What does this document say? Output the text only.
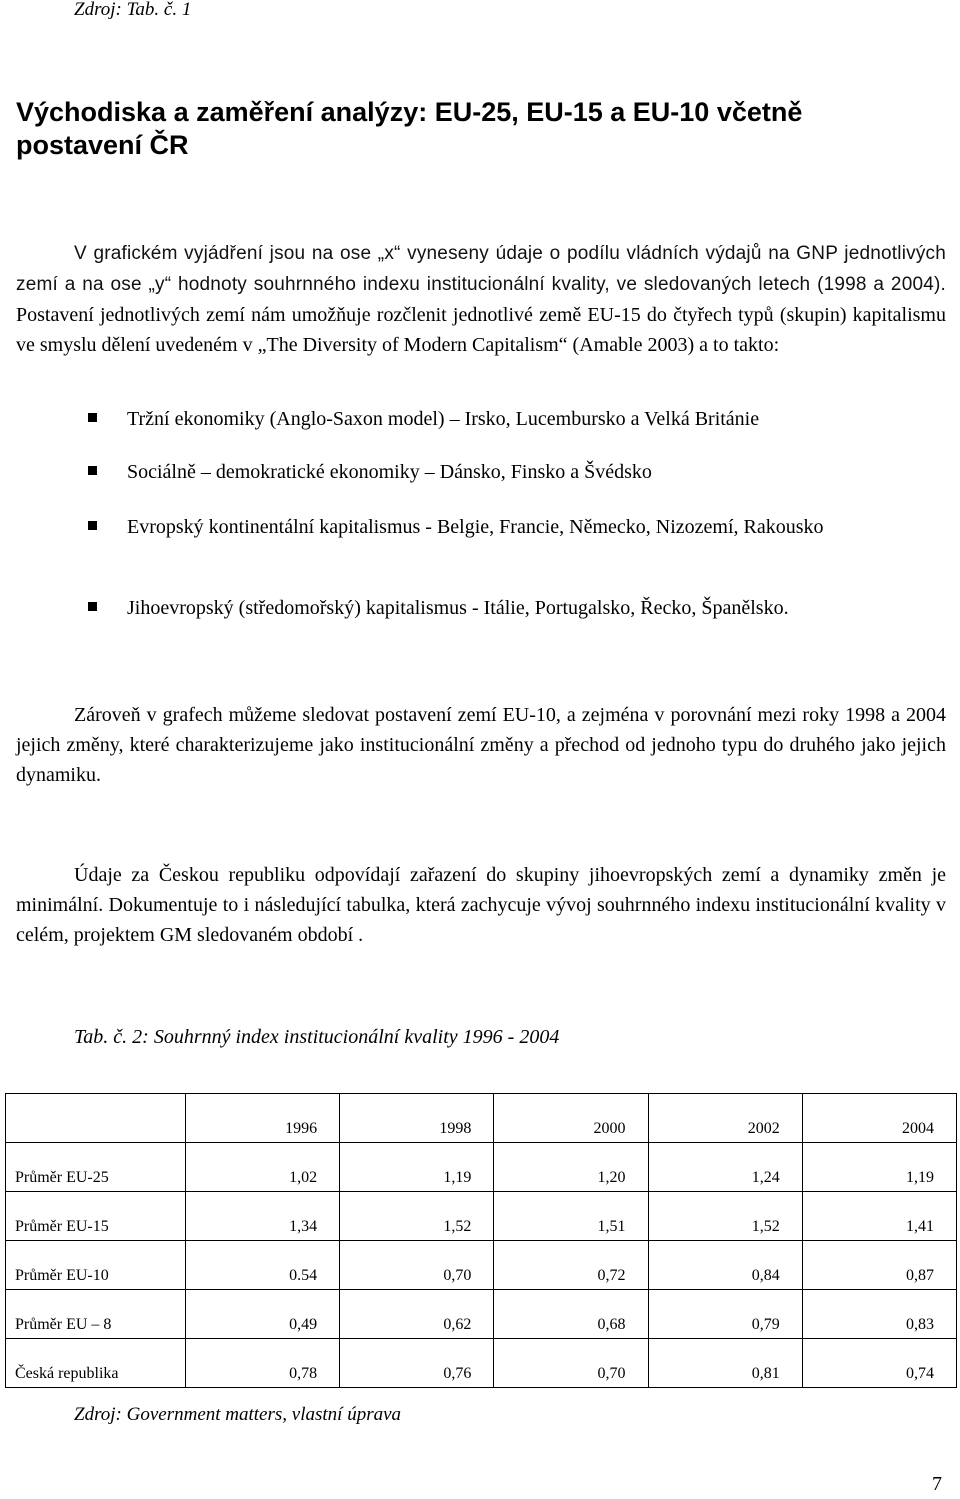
Zdroj: Tab. č. 1
Východiska a zaměření analýzy: EU-25, EU-15 a EU-10 včetně
postavení ČR
V grafickém vyjádření jsou na ose „x“ vyneseny údaje o podílu vládních výdajů na GNP jednotlivých zemí a na ose „y“ hodnoty souhrnného indexu institucionální kvality, ve sledovaných letech (1998 a 2004). Postavení jednotlivých zemí nám umožňuje rozčlenit jednotlivé země EU-15 do čtyřech typů (skupin) kapitalismu ve smyslu dělení uvedeném v „The Diversity of Modern Capitalism“ (Amable 2003) a to takto:
Tržní ekonomiky (Anglo-Saxon model) – Irsko, Lucembursko a Velká Británie
Sociálně – demokratické ekonomiky – Dánsko, Finsko a Švédsko
Evropský kontinentální kapitalismus - Belgie, Francie, Německo, Nizozemí, Rakousko
Jihoevropský (středomořský) kapitalismus - Itálie, Portugalsko, Řecko, Španělsko.
Zároveň v grafech můžeme sledovat postavení zemí EU-10, a zejména v porovnání mezi roky 1998 a 2004 jejich změny, které charakterizujeme jako institucionální změny a přechod od jednoho typu do druhého jako jejich dynamiku.
Údaje za Českou republiku odpovídají zařazení do skupiny jihoevropských zemí a dynamiky změn je minimální. Dokumentuje to i následující tabulka, která zachycuje vývoj souhrnného indexu institucionální kvality v celém, projektem GM sledovaném období .
Tab. č. 2: Souhrnný index institucionální kvality 1996 - 2004
	1996	1998	2000	2002	2004
Průměr EU-25	1,02	1,19	1,20	1,24	1,19
Průměr EU-15	1,34	1,52	1,51	1,52	1,41
Průměr EU-10	0.54	0,70	0,72	0,84	0,87
Průměr EU – 8	0,49	0,62	0,68	0,79	0,83
Česká republika	0,78	0,76	0,70	0,81	0,74
Zdroj: Government matters, vlastní úprava
7
